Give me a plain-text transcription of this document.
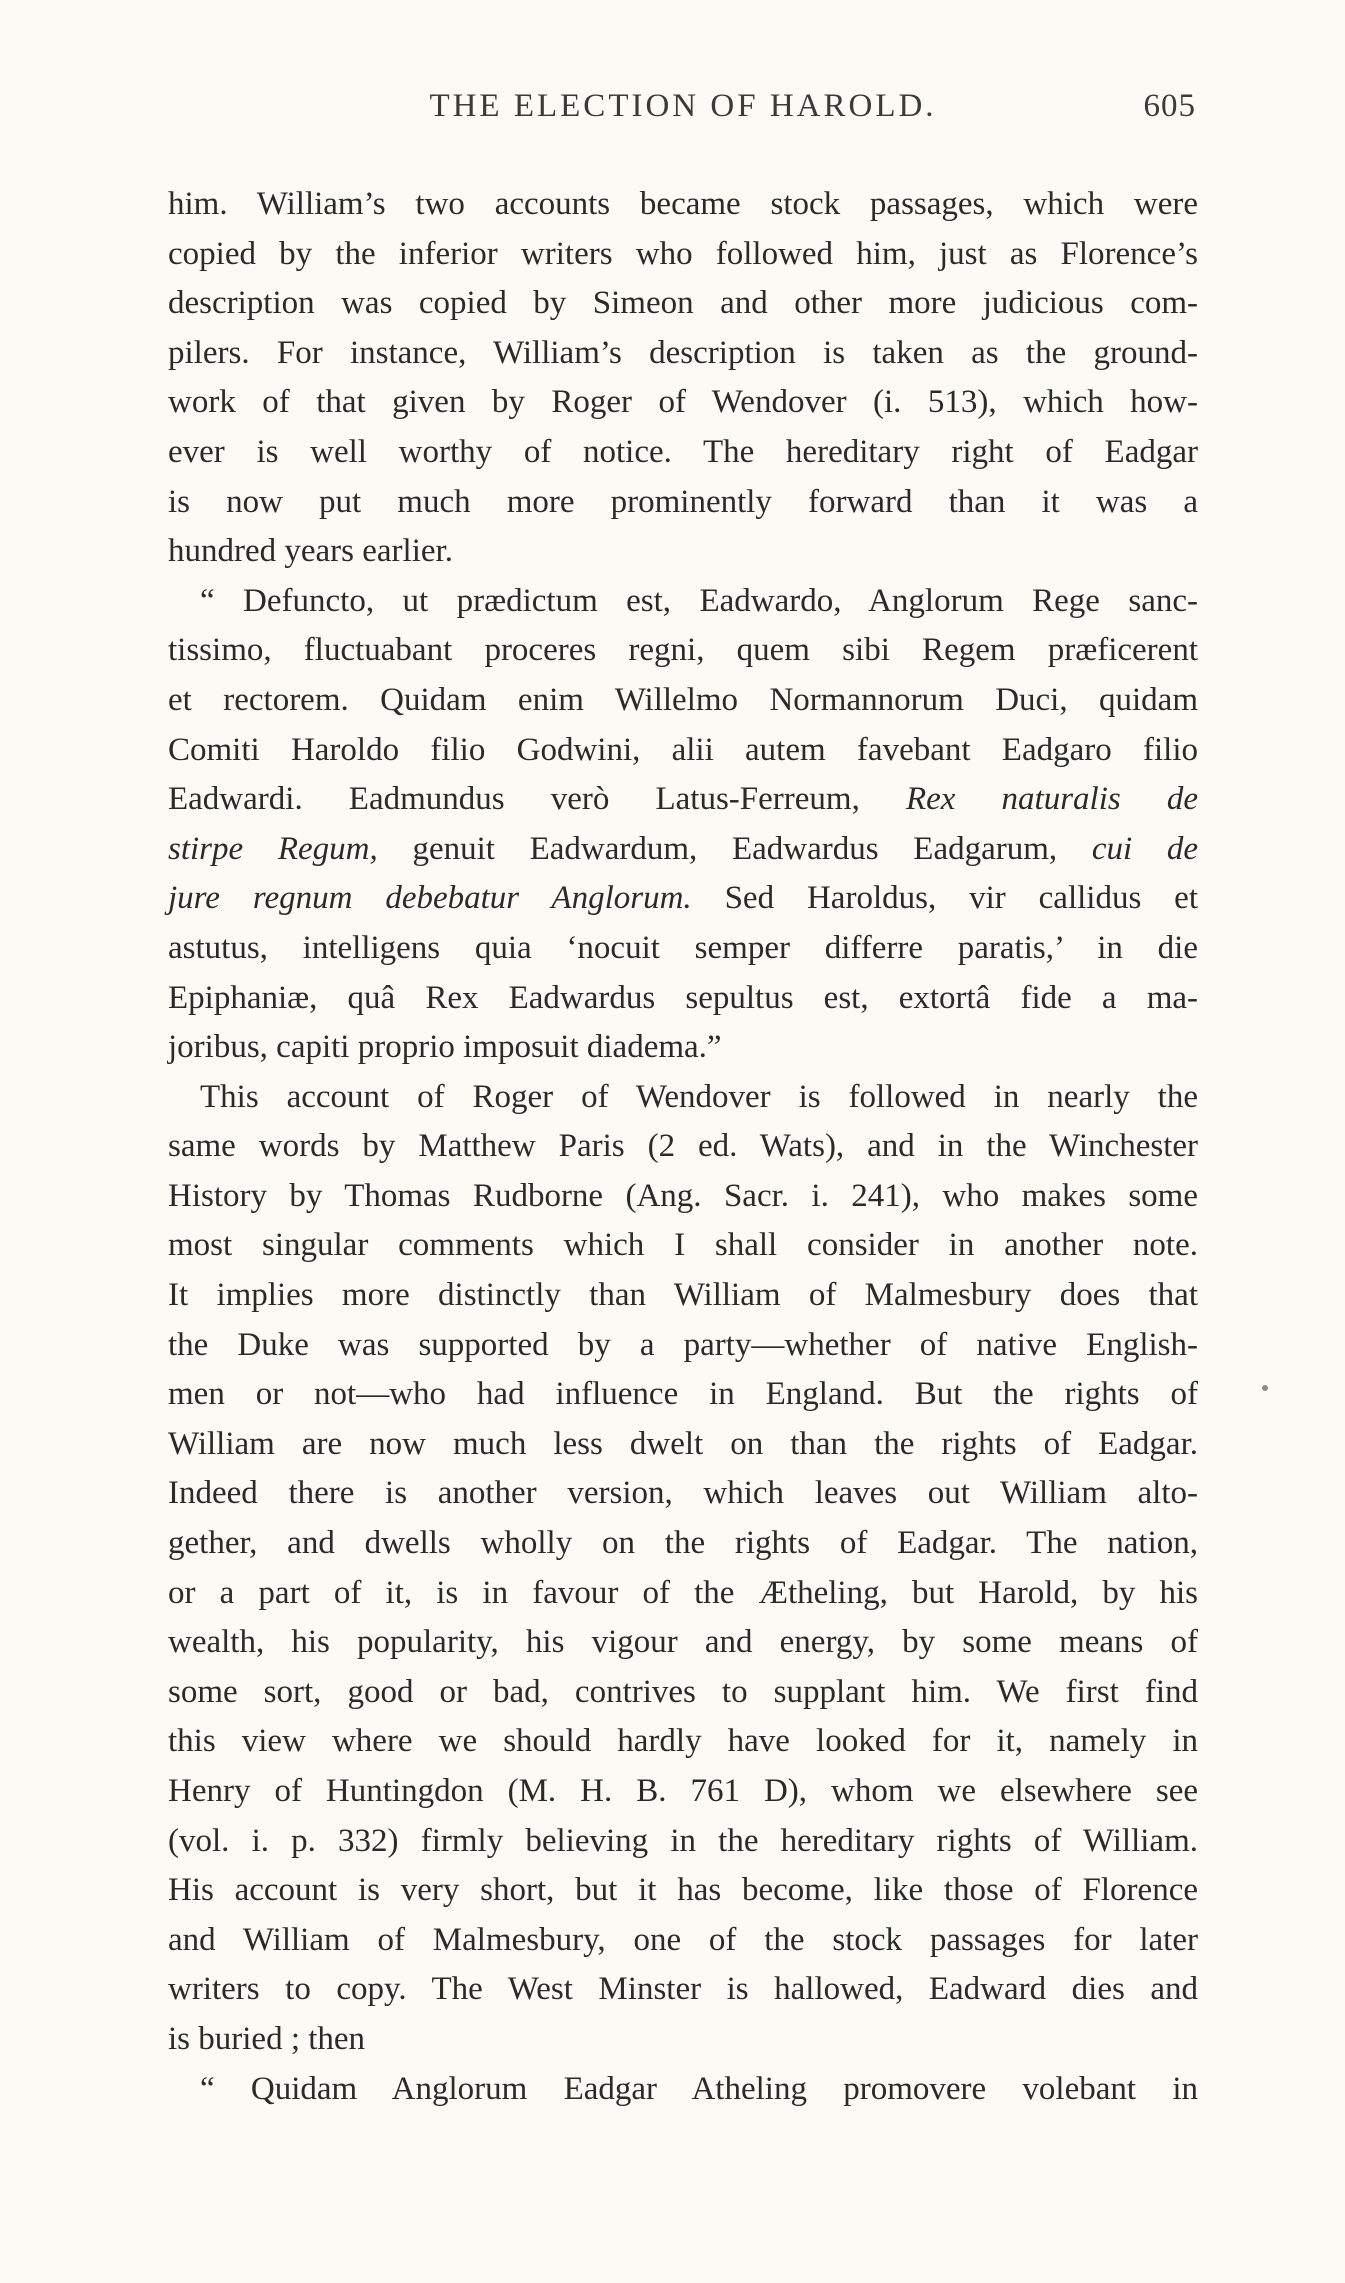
THE ELECTION OF HAROLD.	605
him. William’s two accounts became stock passages, which were
copied by the inferior writers who followed him, just as Florence’s
description was copied by Simeon and other more judicious com-
pilers. For instance, William’s description is taken as the ground-
work of that given by Roger of Wendover (i. 513), which how-
ever is well worthy of notice. The hereditary right of Eadgar
is now put much more prominently forward than it was a
hundred years earlier.
“ Defuncto, ut prædictum est, Eadwardo, Anglorum Rege sanc-
tissimo, fluctuabant proceres regni, quem sibi Regem præficerent
et rectorem. Quidam enim Willelmo Normannorum Duci, quidam
Comiti Haroldo filio Godwini, alii autem favebant Eadgaro filio
Eadwardi. Eadmundus verò Latus-Ferreum, Rex naturalis de
stirpe Regum, genuit Eadwardum, Eadwardus Eadgarum, cui de
jure regnum debebatur Anglorum. Sed Haroldus, vir callidus et
astutus, intelligens quia ‘nocuit semper differre paratis,’ in die
Epiphaniæ, quâ Rex Eadwardus sepultus est, extortâ fide a ma-
joribus, capiti proprio imposuit diadema.”
This account of Roger of Wendover is followed in nearly the
same words by Matthew Paris (2 ed. Wats), and in the Winchester
History by Thomas Rudborne (Ang. Sacr. i. 241), who makes some
most singular comments which I shall consider in another note.
It implies more distinctly than William of Malmesbury does that
the Duke was supported by a party—whether of native English-
men or not—who had influence in England. But the rights of
William are now much less dwelt on than the rights of Eadgar.
Indeed there is another version, which leaves out William alto-
gether, and dwells wholly on the rights of Eadgar. The nation,
or a part of it, is in favour of the Ætheling, but Harold, by his
wealth, his popularity, his vigour and energy, by some means of
some sort, good or bad, contrives to supplant him. We first find
this view where we should hardly have looked for it, namely in
Henry of Huntingdon (M. H. B. 761 D), whom we elsewhere see
(vol. i. p. 332) firmly believing in the hereditary rights of William.
His account is very short, but it has become, like those of Florence
and William of Malmesbury, one of the stock passages for later
writers to copy. The West Minster is hallowed, Eadward dies and
is buried ; then
“ Quidam Anglorum Eadgar Atheling promovere volebant in
